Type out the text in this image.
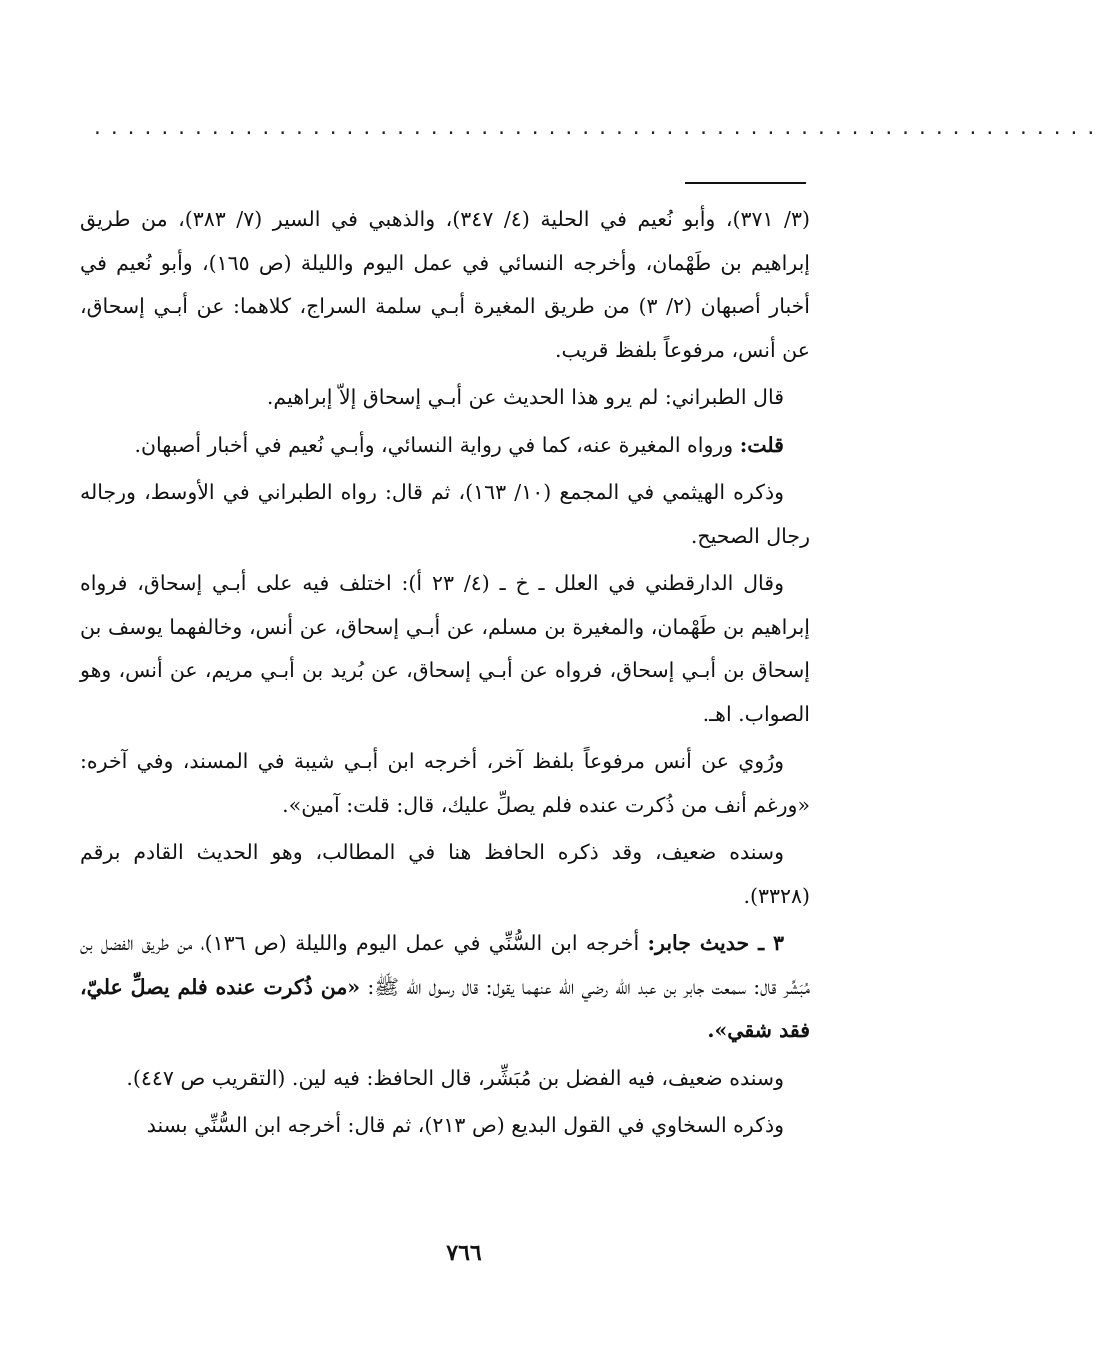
............................................................

(٣/ ٣٧١)، وأبو نُعيم في الحلية (٤/ ٣٤٧)، والذهبي في السير (٧/ ٣٨٣)، من طريق إبراهيم بن طَهْمان، وأخرجه النسائي في عمل اليوم والليلة (ص ١٦٥)، وأبو نُعيم في أخبار أصبهان (٢/ ٣) من طريق المغيرة أبـي سلمة السراج، كلاهما: عن أبـي إسحاق، عن أنس، مرفوعاً بلفظ قريب.

قال الطبراني: لم يرو هذا الحديث عن أبـي إسحاق إلاّ إبراهيم.

قلت: ورواه المغيرة عنه، كما في رواية النسائي، وأبـي نُعيم في أخبار أصبهان.

وذكره الهيثمي في المجمع (١٠/ ١٦٣)، ثم قال: رواه الطبراني في الأوسط، ورجاله رجال الصحيح.

وقال الدارقطني في العلل ـ خ ـ (٤/ ٢٣ أ): اختلف فيه على أبـي إسحاق، فرواه إبراهيم بن طَهْمان، والمغيرة بن مسلم، عن أبـي إسحاق، عن أنس، وخالفهما يوسف بن إسحاق بن أبـي إسحاق، فرواه عن أبـي إسحاق، عن بُريد بن أبـي مريم، عن أنس، وهو الصواب. اهـ.

ورُوي عن أنس مرفوعاً بلفظ آخر، أخرجه ابن أبـي شيبة في المسند، وفي آخره: «ورغم أنف من ذُكرت عنده فلم يصلِّ عليك، قال: قلت: آمين».

وسنده ضعيف، وقد ذكره الحافظ هنا في المطالب، وهو الحديث القادم برقم (٣٣٢٨).

٣ ـ حديث جابر: أخرجه ابن السُّنِّي في عمل اليوم والليلة (ص ١٣٦)، من طريق الفضل بن مُبَشِّر قال: سمعت جابر بن عبد الله رضي الله عنهما يقول: قال رسول الله ﷺ: «من ذُكرت عنده فلم يصلِّ عليّ، فقد شقي».

وسنده ضعيف، فيه الفضل بن مُبَشِّر، قال الحافظ: فيه لين. (التقريب ص ٤٤٧).

وذكره السخاوي في القول البديع (ص ٢١٣)، ثم قال: أخرجه ابن السُّنِّي بسند

٧٦٦
